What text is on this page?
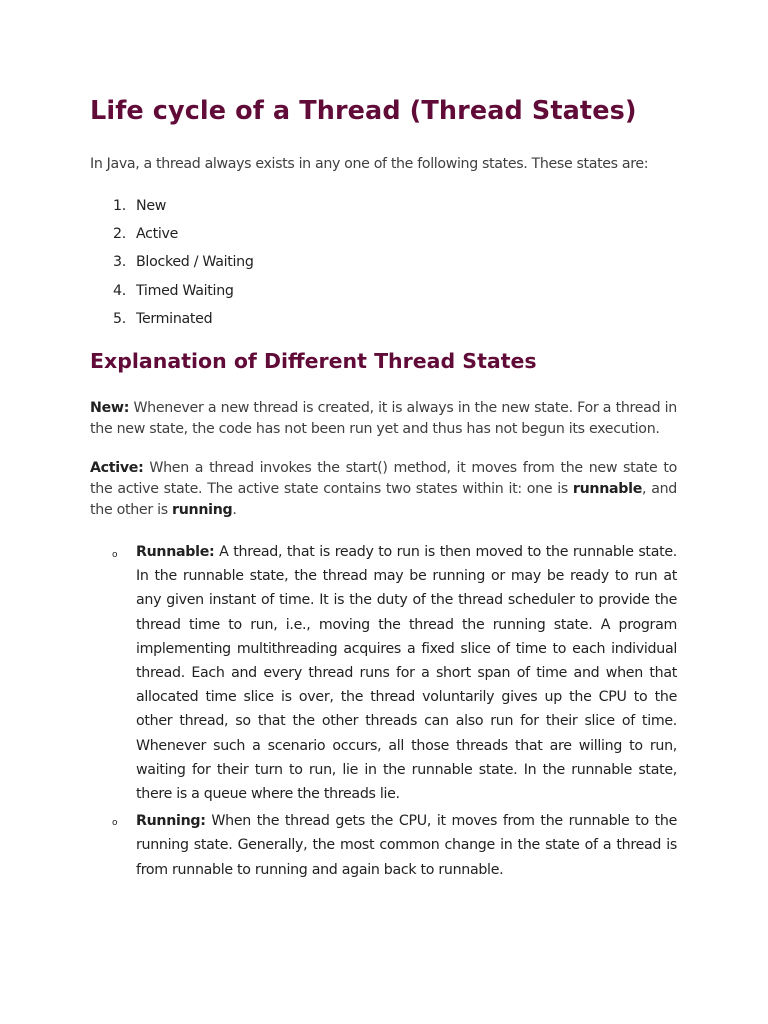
Life cycle of a Thread (Thread States)

In Java, a thread always exists in any one of the following states. These states are:

1. New
2. Active
3. Blocked / Waiting
4. Timed Waiting
5. Terminated
Explanation of Different Thread States

New: Whenever a new thread is created, it is always in the new state. For a thread in the new state, the code has not been run yet and thus has not begun its execution.

Active: When a thread invokes the start() method, it moves from the new state to the active state. The active state contains two states within it: one is runnable, and the other is running.

o Runnable: A thread, that is ready to run is then moved to the runnable state. In the runnable state, the thread may be running or may be ready to run at any given instant of time. It is the duty of the thread scheduler to provide the thread time to run, i.e., moving the thread the running state. A program implementing multithreading acquires a fixed slice of time to each individual thread. Each and every thread runs for a short span of time and when that allocated time slice is over, the thread voluntarily gives up the CPU to the other thread, so that the other threads can also run for their slice of time. Whenever such a scenario occurs, all those threads that are willing to run, waiting for their turn to run, lie in the runnable state. In the runnable state, there is a queue where the threads lie.
o Running: When the thread gets the CPU, it moves from the runnable to the running state. Generally, the most common change in the state of a thread is from runnable to running and again back to runnable.
